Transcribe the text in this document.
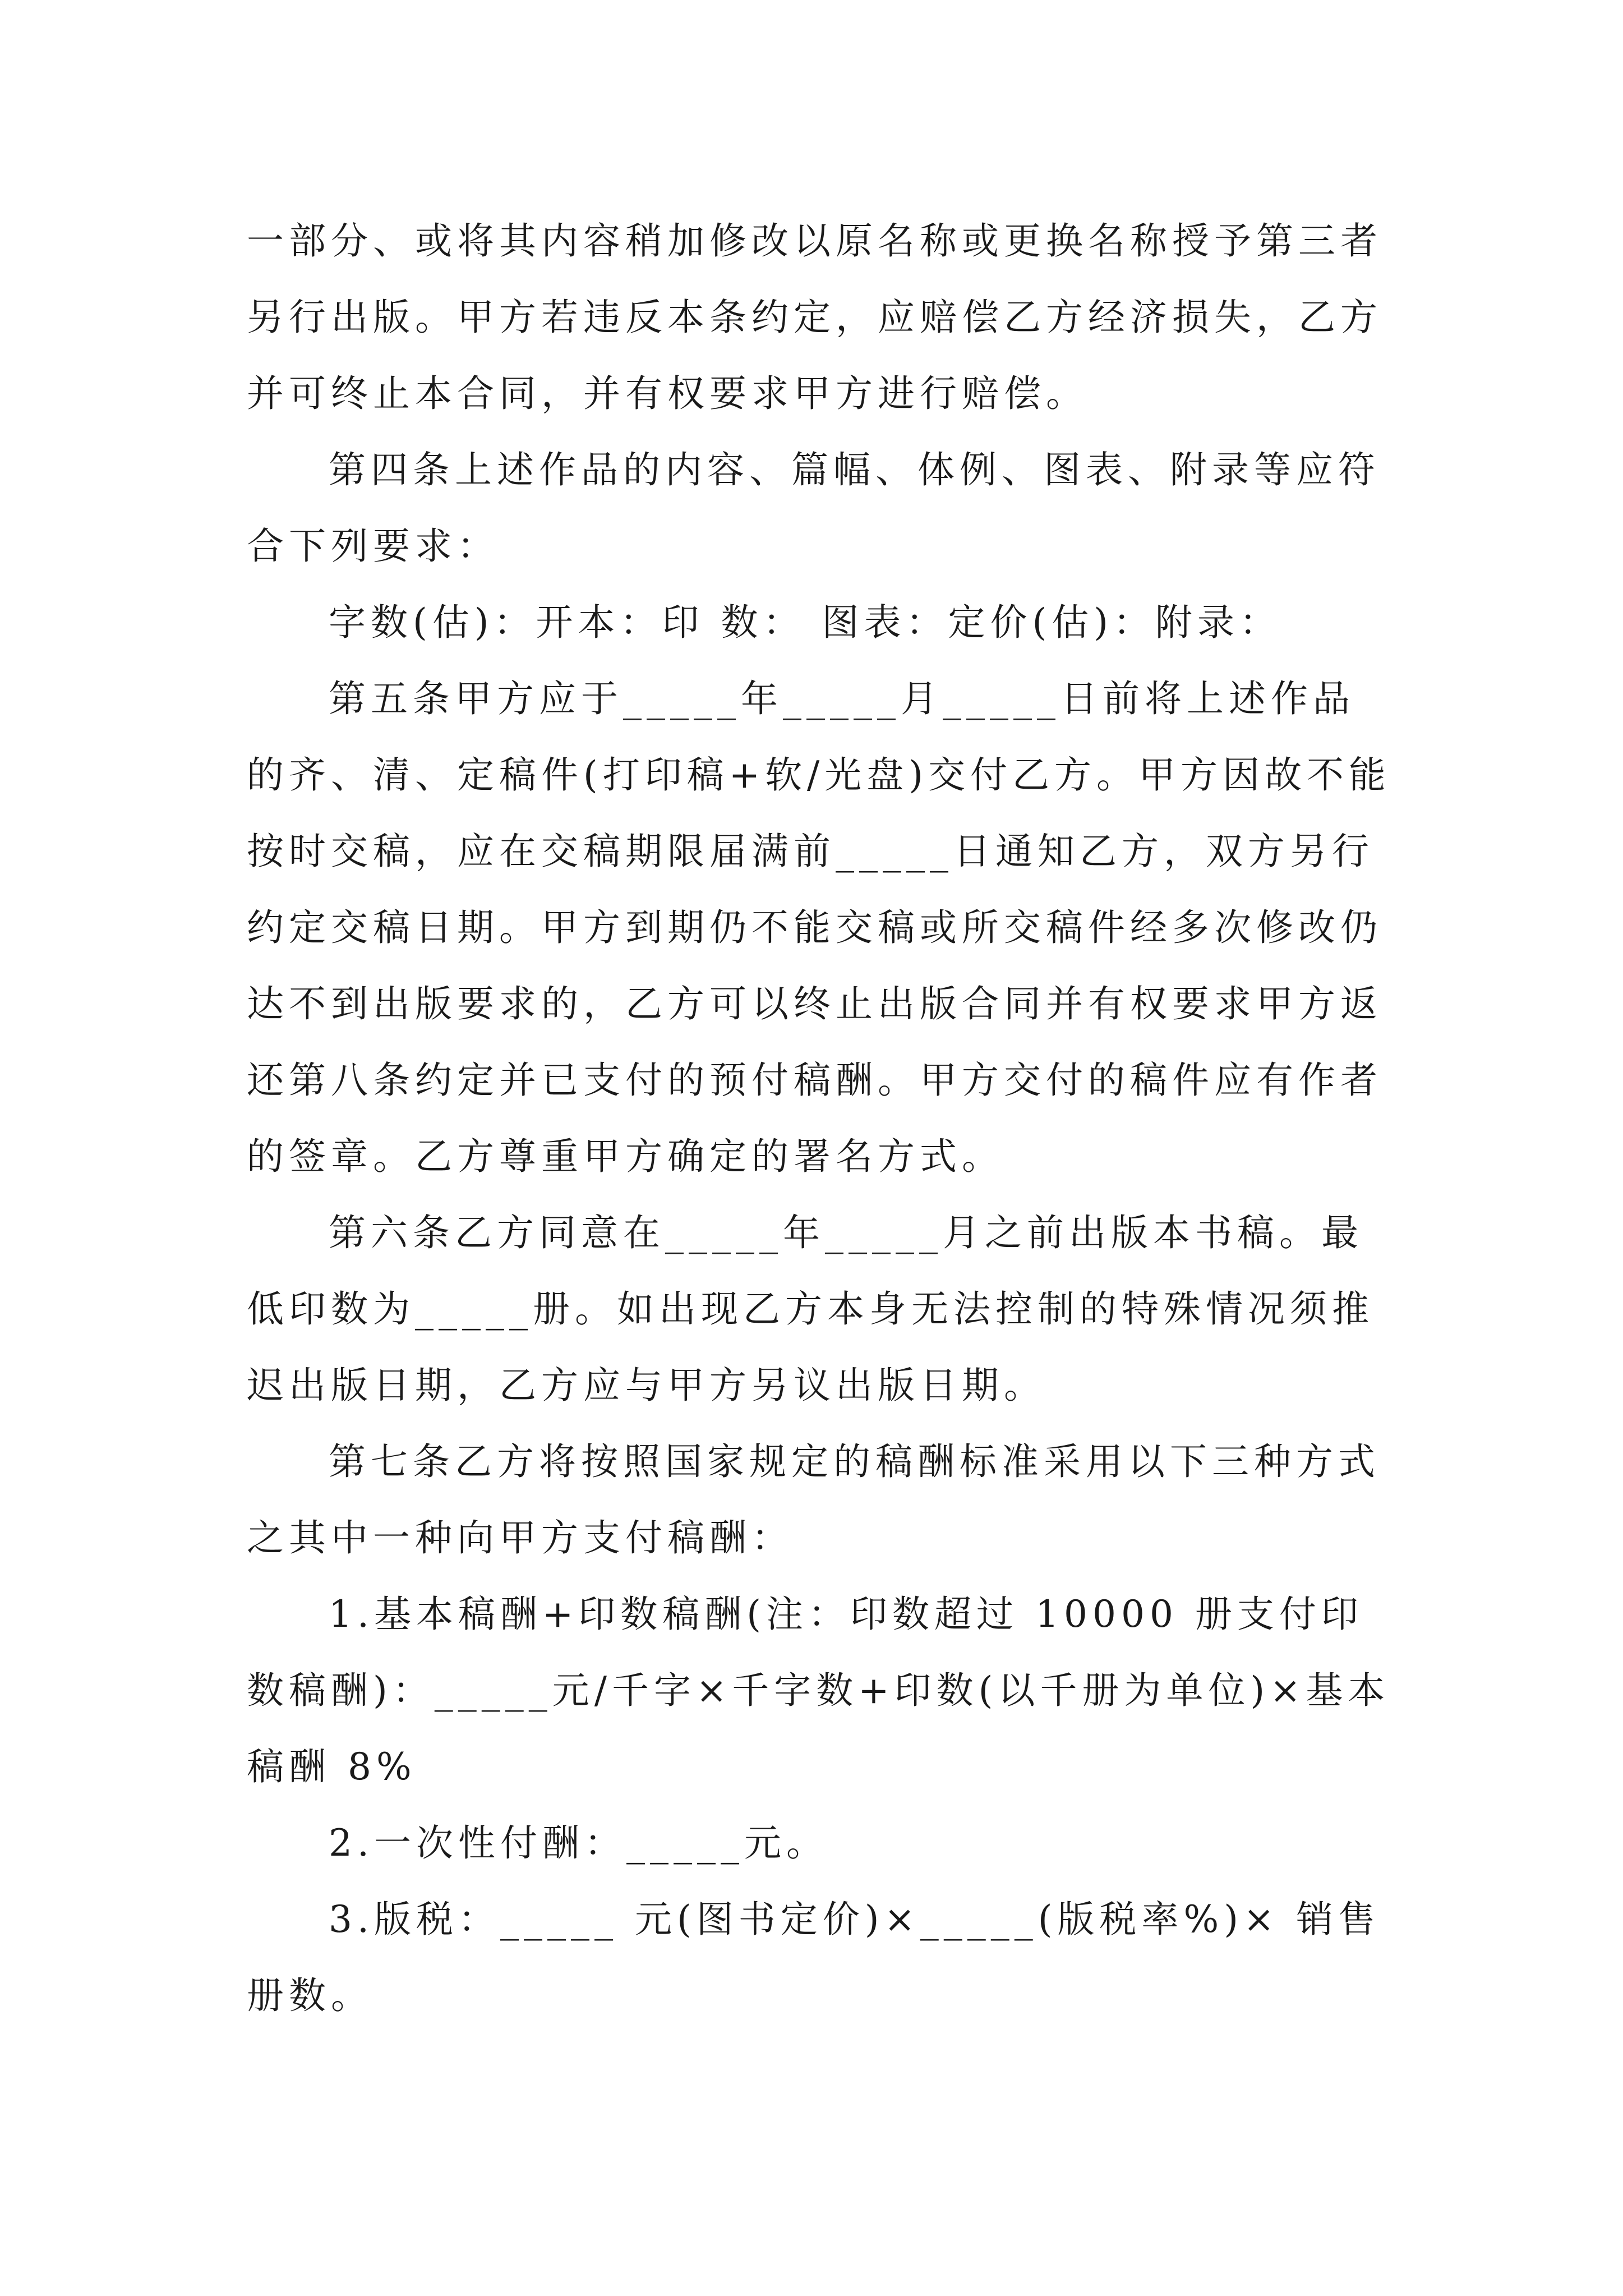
一部分、或将其内容稍加修改以原名称或更换名称授予第三者另行出版。甲方若违反本条约定，应赔偿乙方经济损失，乙方并可终止本合同，并有权要求甲方进行赔偿。

第四条上述作品的内容、篇幅、体例、图表、附录等应符合下列要求：

字数(估)：开本：印 数： 图表：定价(估)：附录：

第五条甲方应于_____年_____月_____日前将上述作品的齐、清、定稿件(打印稿+软/光盘)交付乙方。甲方因故不能按时交稿，应在交稿期限届满前_____日通知乙方，双方另行约定交稿日期。甲方到期仍不能交稿或所交稿件经多次修改仍达不到出版要求的，乙方可以终止出版合同并有权要求甲方返还第八条约定并已支付的预付稿酬。甲方交付的稿件应有作者的签章。乙方尊重甲方确定的署名方式。

第六条乙方同意在_____年_____月之前出版本书稿。最低印数为_____册。如出现乙方本身无法控制的特殊情况须推迟出版日期，乙方应与甲方另议出版日期。

第七条乙方将按照国家规定的稿酬标准采用以下三种方式之其中一种向甲方支付稿酬：

1.基本稿酬+印数稿酬(注：印数超过 10000 册支付印数稿酬)：_____元/千字×千字数+印数(以千册为单位)×基本稿酬 8%

2.一次性付酬：_____元。

3.版税：_____ 元(图书定价)×_____(版税率%)× 销售册数。
